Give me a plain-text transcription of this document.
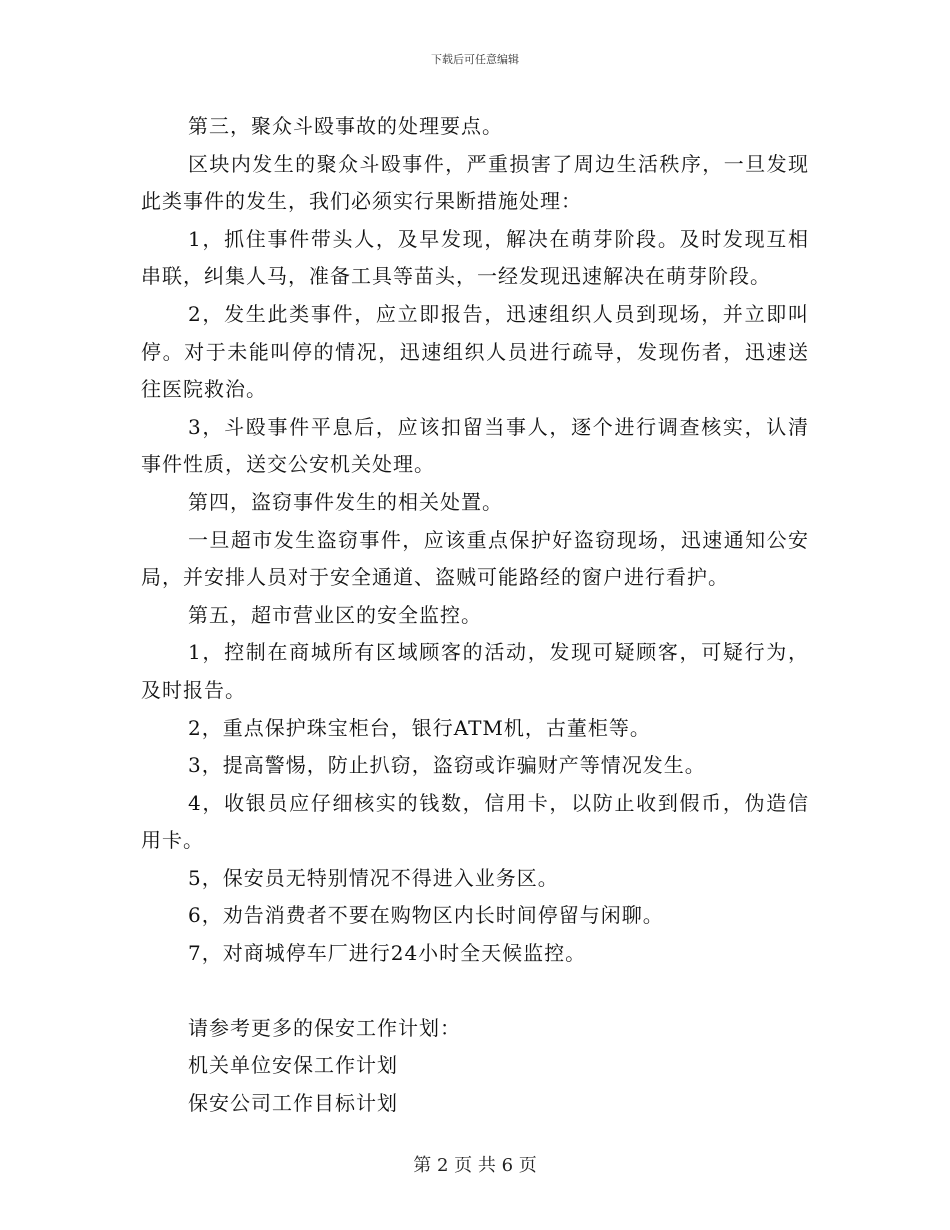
下载后可任意编辑

第三，聚众斗殴事故的处理要点。

区块内发生的聚众斗殴事件，严重损害了周边生活秩序，一旦发现此类事件的发生，我们必须实行果断措施处理：

1，抓住事件带头人，及早发现，解决在萌芽阶段。及时发现互相串联，纠集人马，准备工具等苗头，一经发现迅速解决在萌芽阶段。

2，发生此类事件，应立即报告，迅速组织人员到现场，并立即叫停。对于未能叫停的情况，迅速组织人员进行疏导，发现伤者，迅速送往医院救治。

3，斗殴事件平息后，应该扣留当事人，逐个进行调查核实，认清事件性质，送交公安机关处理。

第四，盗窃事件发生的相关处置。

一旦超市发生盗窃事件，应该重点保护好盗窃现场，迅速通知公安局，并安排人员对于安全通道、盗贼可能路经的窗户进行看护。

第五，超市营业区的安全监控。

1，控制在商城所有区域顾客的活动，发现可疑顾客，可疑行为，及时报告。

2，重点保护珠宝柜台，银行ATM机，古董柜等。

3，提高警惕，防止扒窃，盗窃或诈骗财产等情况发生。

4，收银员应仔细核实的钱数，信用卡，以防止收到假币，伪造信用卡。

5，保安员无特别情况不得进入业务区。

6，劝告消费者不要在购物区内长时间停留与闲聊。

7，对商城停车厂进行24小时全天候监控。

请参考更多的保安工作计划：

机关单位安保工作计划

保安公司工作目标计划

第 2 页 共 6 页
